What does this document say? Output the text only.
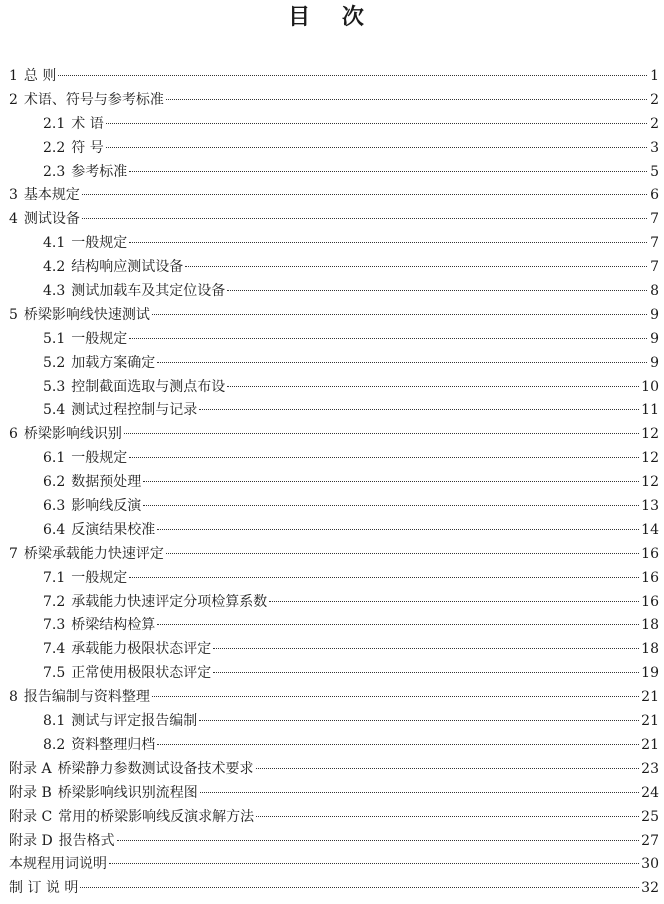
目 次
1 总 则	1
2 术语、符号与参考标准	2
2.1 术 语	2
2.2 符 号	3
2.3 参考标准	5
3 基本规定	6
4 测试设备	7
4.1 一般规定	7
4.2 结构响应测试设备	7
4.3 测试加载车及其定位设备	8
5 桥梁影响线快速测试	9
5.1 一般规定	9
5.2 加载方案确定	9
5.3 控制截面选取与测点布设	10
5.4 测试过程控制与记录	11
6 桥梁影响线识别	12
6.1 一般规定	12
6.2 数据预处理	12
6.3 影响线反演	13
6.4 反演结果校准	14
7 桥梁承载能力快速评定	16
7.1 一般规定	16
7.2 承载能力快速评定分项检算系数	16
7.3 桥梁结构检算	18
7.4 承载能力极限状态评定	18
7.5 正常使用极限状态评定	19
8 报告编制与资料整理	21
8.1 测试与评定报告编制	21
8.2 资料整理归档	21
附录 A 桥梁静力参数测试设备技术要求	23
附录 B 桥梁影响线识别流程图	24
附录 C 常用的桥梁影响线反演求解方法	25
附录 D 报告格式	27
本规程用词说明	30
制 订 说 明	32
